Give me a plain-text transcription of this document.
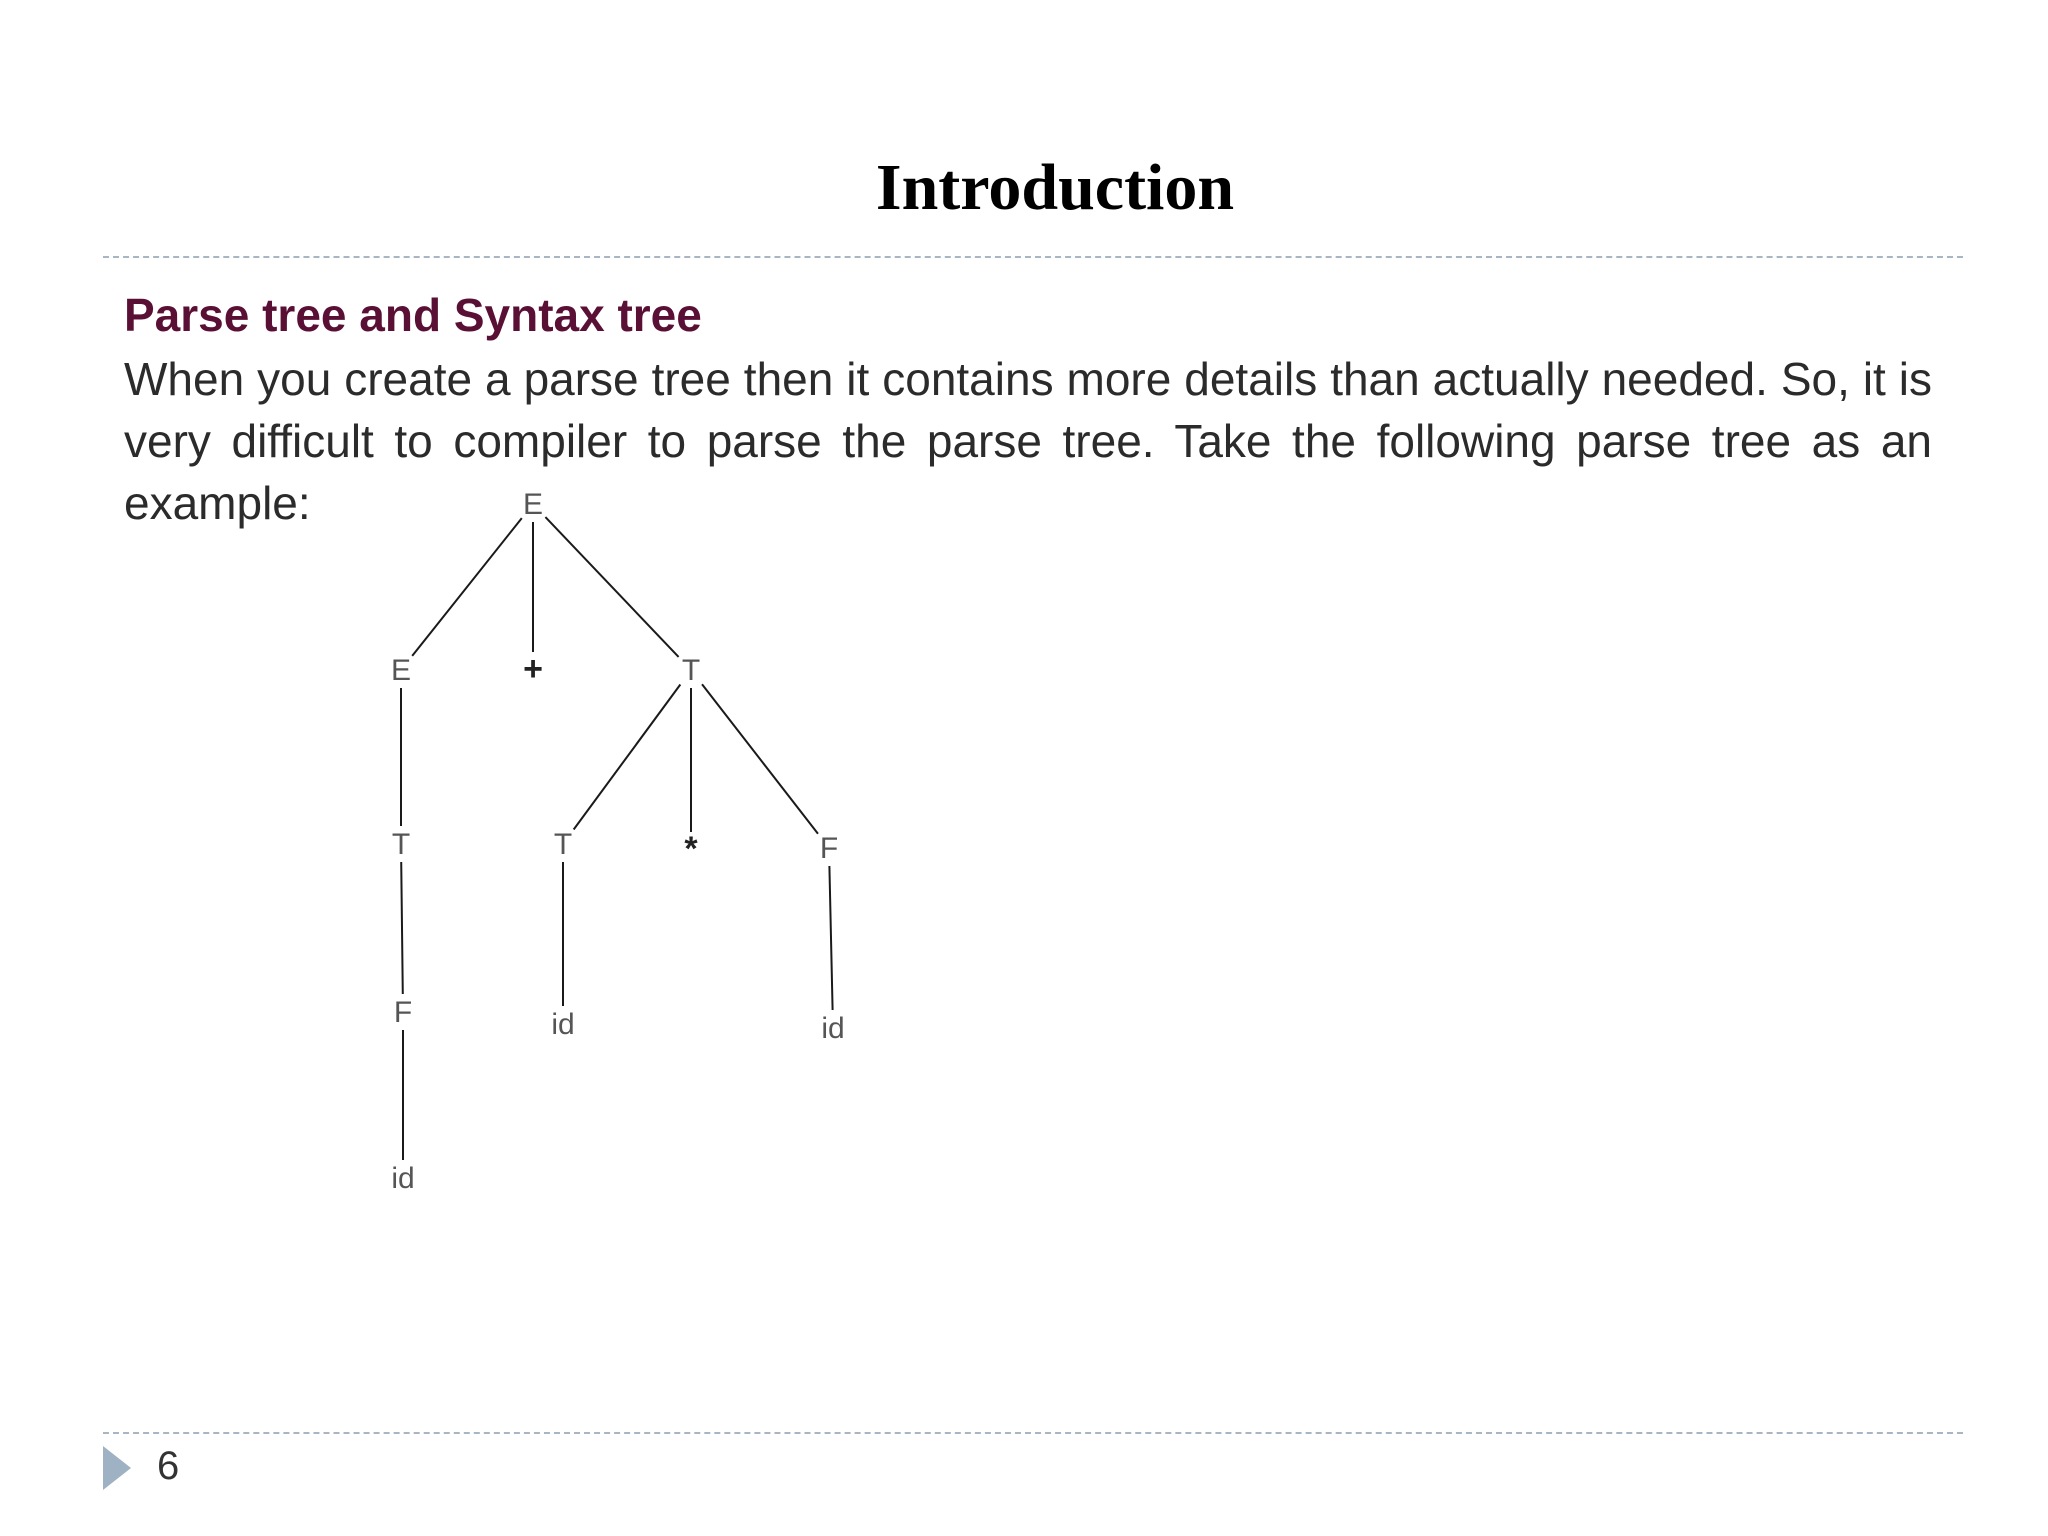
Introduction
Parse tree and Syntax tree

When you create a parse tree then it contains more details than actually needed. So, it is very difficult to compiler to parse the parse tree. Take the following parse tree as an example:	E
E
T
F
id
+	T
T
id
*	F
id
6
